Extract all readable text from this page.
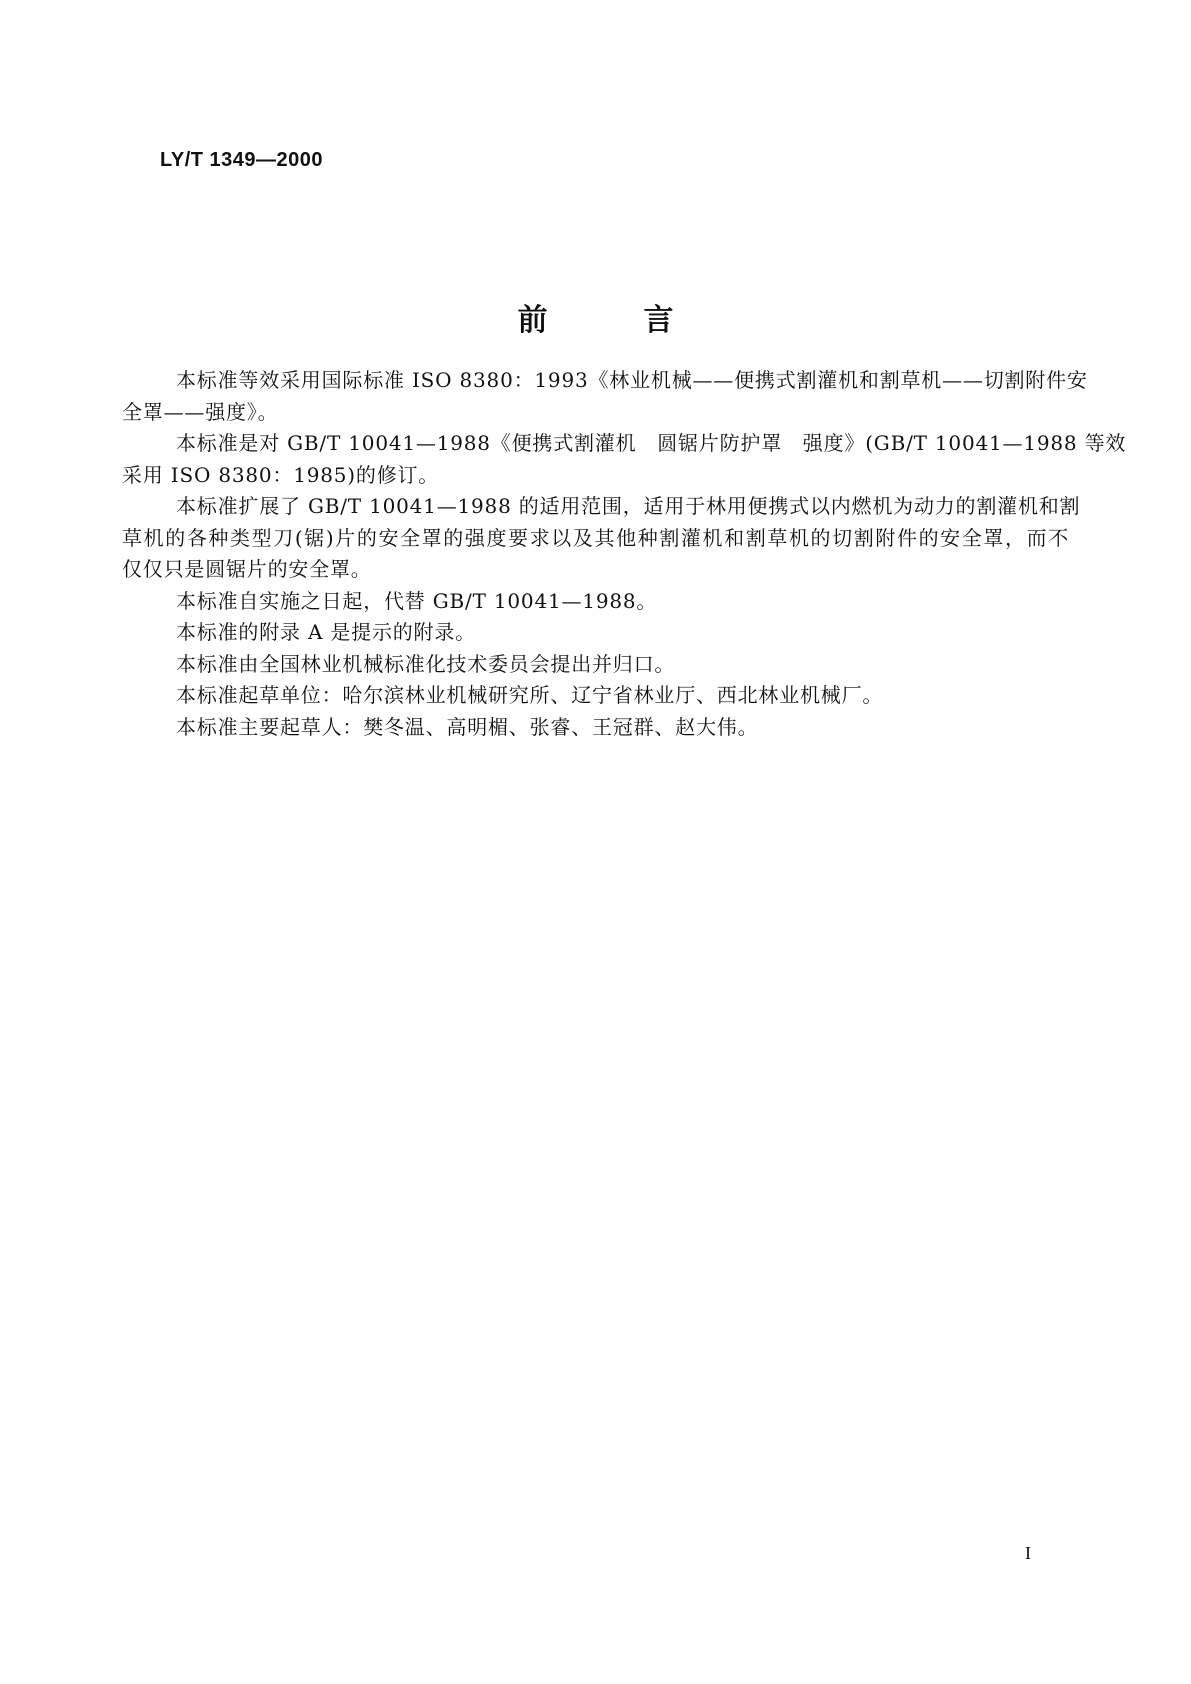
LY/T 1349—2000
前言
本标准等效采用国际标准 ISO 8380：1993《林业机械——便携式割灌机和割草机——切割附件安
全罩——强度》。
本标准是对 GB/T 10041—1988《便携式割灌机　圆锯片防护罩　强度》(GB/T 10041—1988 等效
采用 ISO 8380：1985)的修订。
本标准扩展了 GB/T 10041—1988 的适用范围，适用于林用便携式以内燃机为动力的割灌机和割
草机的各种类型刀(锯)片的安全罩的强度要求以及其他种割灌机和割草机的切割附件的安全罩，而不
仅仅只是圆锯片的安全罩。
本标准自实施之日起，代替 GB/T 10041—1988。
本标准的附录 A 是提示的附录。
本标准由全国林业机械标准化技术委员会提出并归口。
本标准起草单位：哈尔滨林业机械研究所、辽宁省林业厅、西北林业机械厂。
本标准主要起草人：樊冬温、高明楣、张睿、王冠群、赵大伟。
I
